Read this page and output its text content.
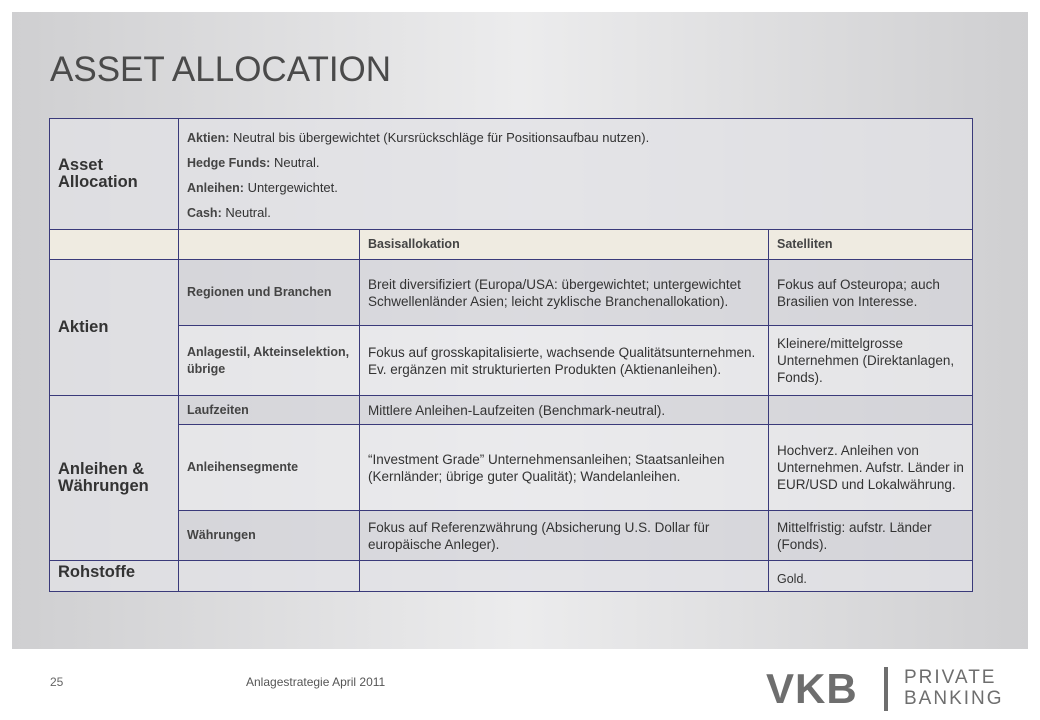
ASSET ALLOCATION
Asset Allocation	Aktien: Neutral bis übergewichtet (Kursrückschläge für Positionsaufbau nutzen).
Hedge Funds: Neutral.
Anleihen: Untergewichtet.
Cash: Neutral.		

		Basisallokation	Satelliten
Aktien	Regionen und Branchen	Breit diversifiziert (Europa/USA: übergewichtet; untergewichtet Schwellenländer Asien; leicht zyklische Branchenallokation).	Fokus auf Osteuropa; auch Brasilien von Interesse.
	Anlagestil, Akteinselektion, übrige	Fokus auf grosskapitalisierte, wachsende Qualitätsunternehmen. Ev. ergänzen mit strukturierten Produkten (Aktienanleihen).	Kleinere/mittelgrosse Unternehmen (Direktanlagen, Fonds).
Anleihen & Währungen	Laufzeiten	Mittlere Anleihen-Laufzeiten (Benchmark-neutral).	
	Anleihensegmente	“Investment Grade” Unternehmensanleihen; Staatsanleihen (Kernländer; übrige guter Qualität); Wandelanleihen.	Hochverz. Anleihen von Unternehmen. Aufstr. Länder in EUR/USD und Lokalwährung.
	Währungen	Fokus auf Referenzwährung (Absicherung U.S. Dollar für europäische Anleger).	Mittelfristig: aufstr. Länder (Fonds).
Rohstoffe			Gold.
25	Anlagestrategie April 2011	VKB PRIVATE
BANKING
